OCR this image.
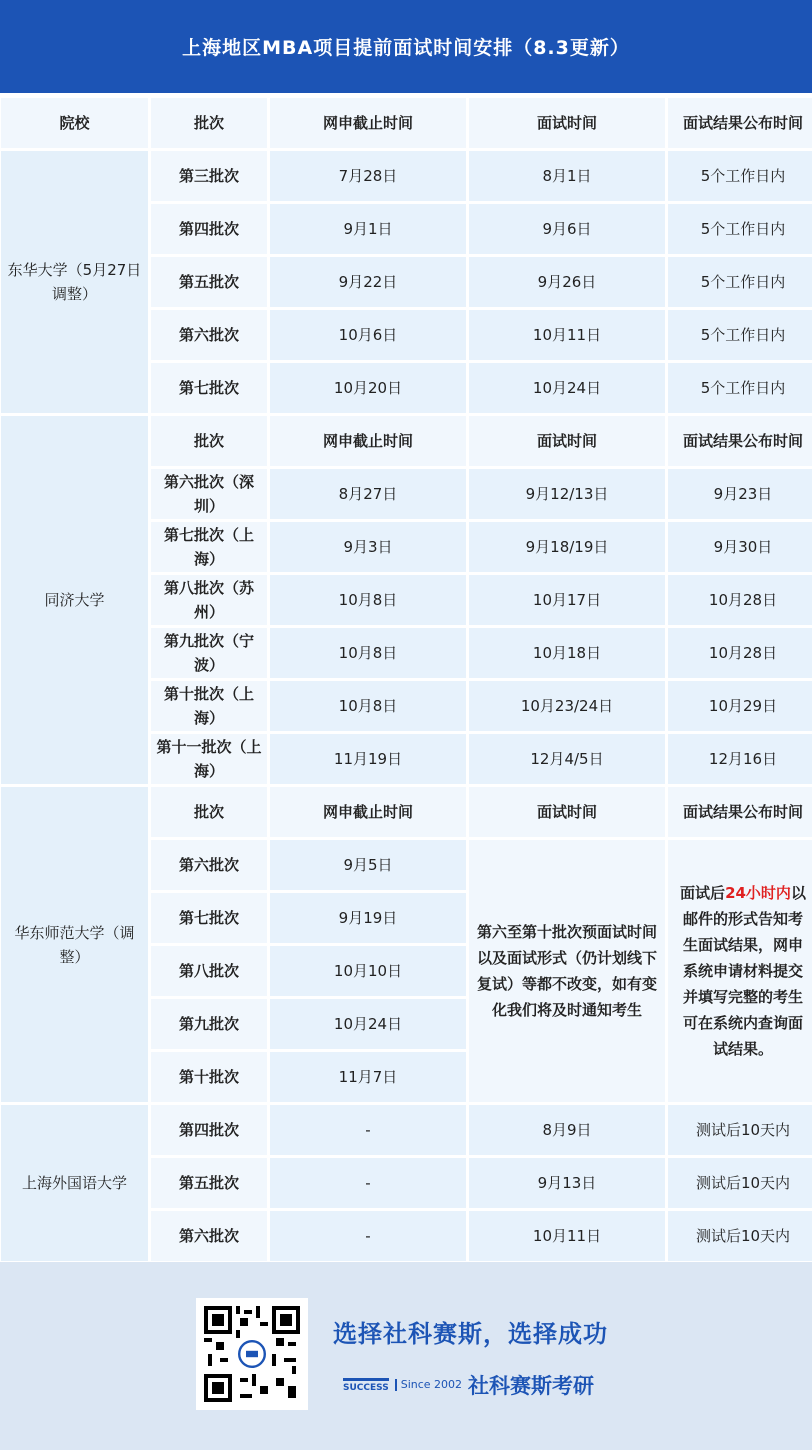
上海地区MBA项目提前面试时间安排（8.3更新）
院校	批次	网申截止时间	面试时间	面试结果公布时间
东华大学（5月27日调整）	第三批次	7月28日	8月1日	5个工作日内
	第四批次	9月1日	9月6日	5个工作日内
	第五批次	9月22日	9月26日	5个工作日内
	第六批次	10月6日	10月11日	5个工作日内
	第七批次	10月20日	10月24日	5个工作日内
同济大学	批次	网申截止时间	面试时间	面试结果公布时间
	第六批次（深圳）	8月27日	9月12/13日	9月23日
	第七批次（上海）	9月3日	9月18/19日	9月30日
	第八批次（苏州）	10月8日	10月17日	10月28日
	第九批次（宁波）	10月8日	10月18日	10月28日
	第十批次（上海）	10月8日	10月23/24日	10月29日
	第十一批次（上海）	11月19日	12月4/5日	12月16日
华东师范大学（调整）	批次	网申截止时间	面试时间	面试结果公布时间
	第六批次	9月5日	第六至第十批次预面试时间以及面试形式（仍计划线下复试）等都不改变，如有变化我们将及时通知考生	面试后24小时内以邮件的形式告知考生面试结果，网申系统申请材料提交并填写完整的考生可在系统内查询面试结果。
	第七批次	9月19日		
	第八批次	10月10日		
	第九批次	10月24日		
	第十批次	11月7日		
上海外国语大学	第四批次	-	8月9日	测试后10天内
	第五批次	-	9月13日	测试后10天内
	第六批次	-	10月11日	测试后10天内
选择社科赛斯，选择成功
SUCCESS	Since 2002 社科赛斯考研
